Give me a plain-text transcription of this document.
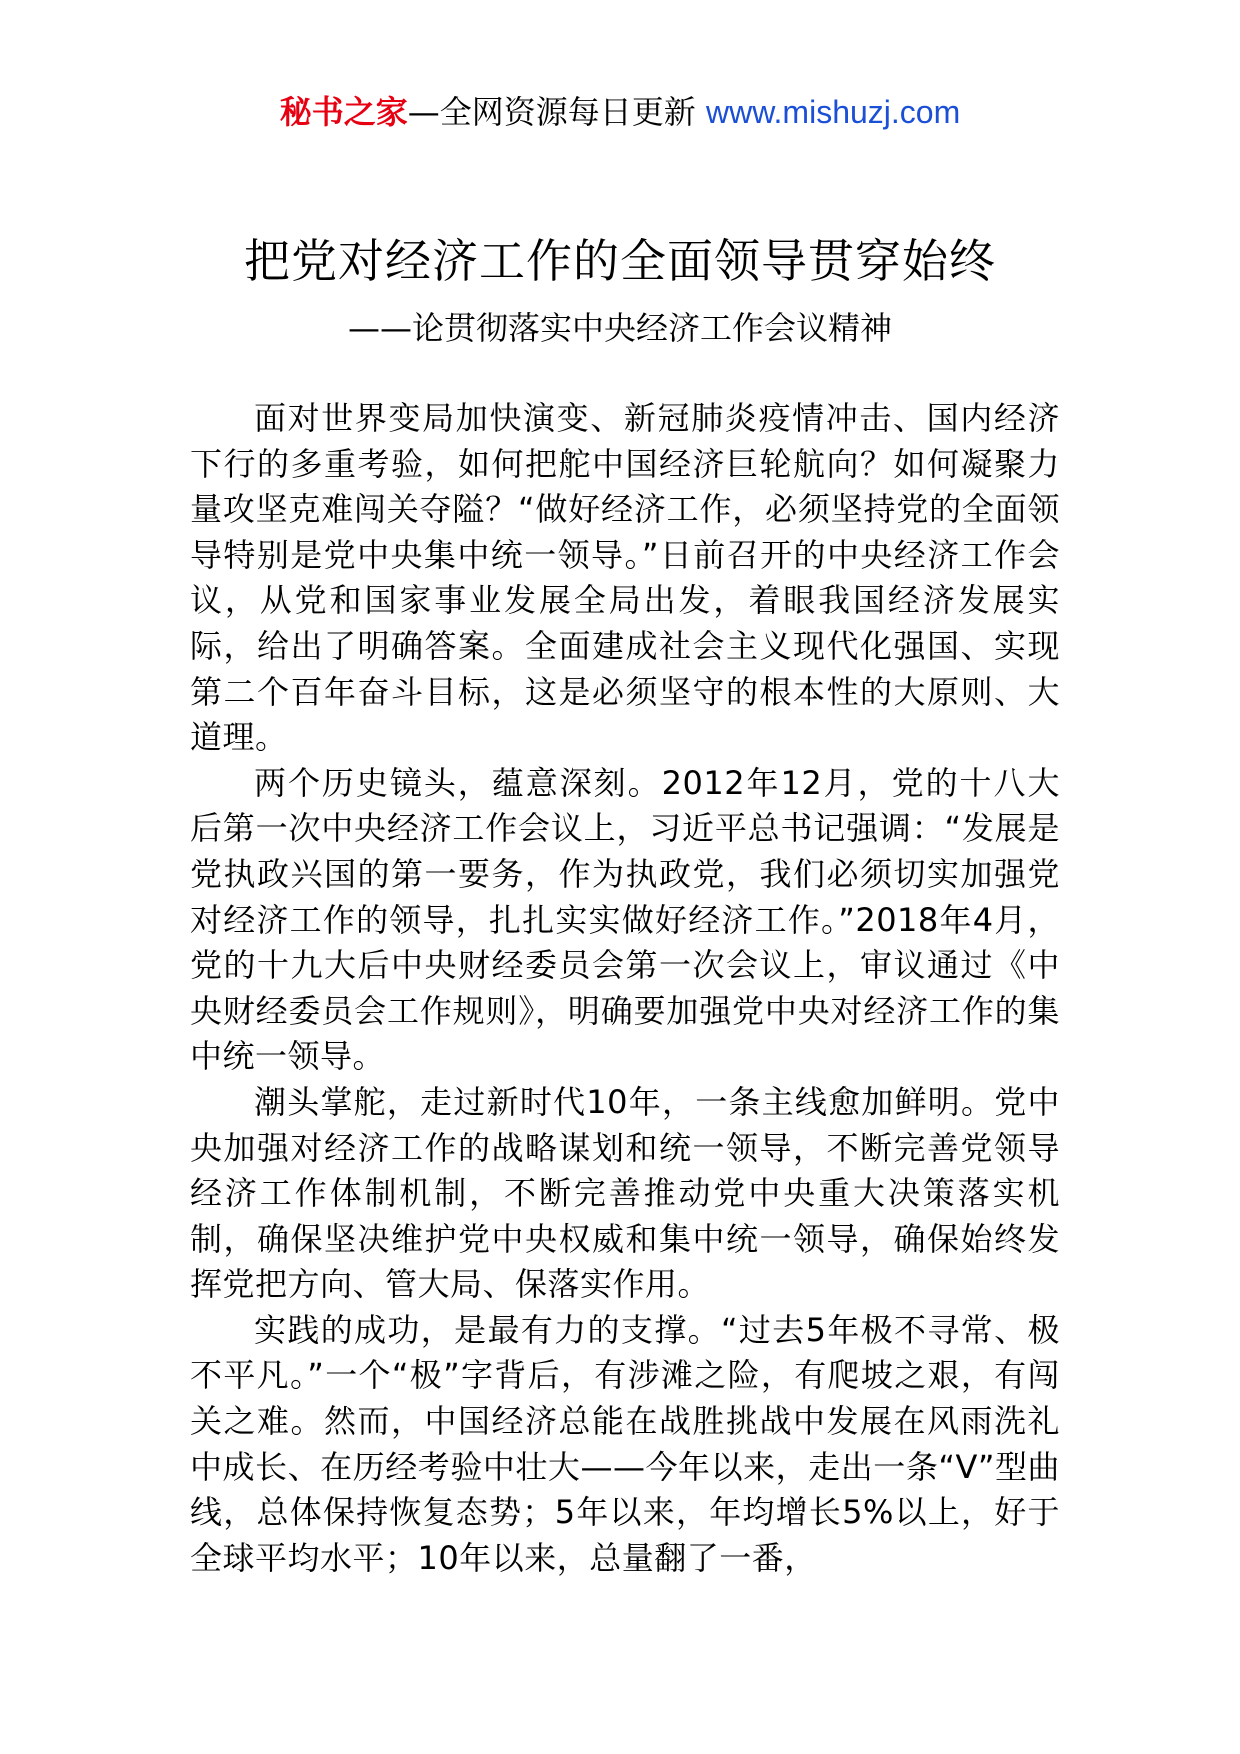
秘书之家—全网资源每日更新 www.mishuzj.com
把党对经济工作的全面领导贯穿始终
——论贯彻落实中央经济工作会议精神

面对世界变局加快演变、新冠肺炎疫情冲击、国内经济下行的多重考验，如何把舵中国经济巨轮航向？如何凝聚力量攻坚克难闯关夺隘？“做好经济工作，必须坚持党的全面领导特别是党中央集中统一领导。”日前召开的中央经济工作会议，从党和国家事业发展全局出发，着眼我国经济发展实际，给出了明确答案。全面建成社会主义现代化强国、实现第二个百年奋斗目标，这是必须坚守的根本性的大原则、大道理。

两个历史镜头，蕴意深刻。2012年12月，党的十八大后第一次中央经济工作会议上，习近平总书记强调：“发展是党执政兴国的第一要务，作为执政党，我们必须切实加强党对经济工作的领导，扎扎实实做好经济工作。”2018年4月，党的十九大后中央财经委员会第一次会议上，审议通过《中央财经委员会工作规则》，明确要加强党中央对经济工作的集中统一领导。

潮头掌舵，走过新时代10年，一条主线愈加鲜明。党中央加强对经济工作的战略谋划和统一领导，不断完善党领导经济工作体制机制，不断完善推动党中央重大决策落实机制，确保坚决维护党中央权威和集中统一领导，确保始终发挥党把方向、管大局、保落实作用。

实践的成功，是最有力的支撑。“过去5年极不寻常、极不平凡。”一个“极”字背后，有涉滩之险，有爬坡之艰，有闯关之难。然而，中国经济总能在战胜挑战中发展在风雨洗礼中成长、在历经考验中壮大——今年以来，走出一条“V”型曲线，总体保持恢复态势；5年以来，年均增长5%以上，好于全球平均水平；10年以来，总量翻了一番，
